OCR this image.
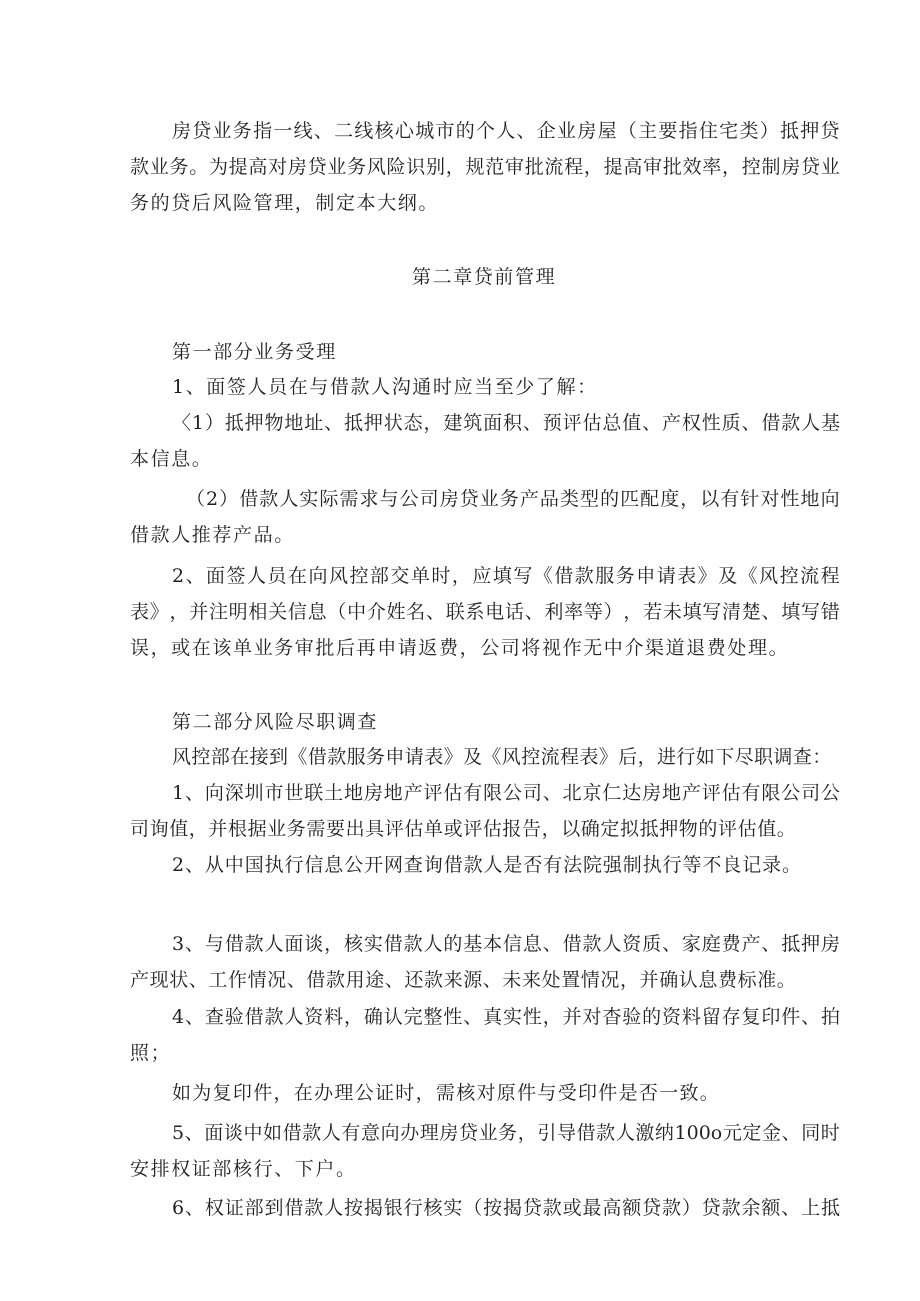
房 贷 业 务 指 一 线 、 二 线 核 心 城 市 的 个 人 、 企 业 房 屋 （ 主 要 指 住 宅 类 ） 抵 押 贷

款 业 务 。 为 提 高 对 房 贷 业 务 风 险 识 别 ， 规 范 审 批 流 程 ， 提 高 审 批 效 率 ， 控 制 房 贷 业

务的贷后风险管理，制定本大纲。

第二章贷前管理

第一部分业务受理

1、面签人员在与借款人沟通时应当至少了解：

〈 1 ） 抵 押 物 地 址 、 抵 押 状 态 ， 建 筑 面 积 、 预 评 估 总 值 、 产 权 性 质 、 借 款 人 基

本信息。

（ 2 ） 借 款 人 实 际 需 求 与 公 司 房 贷 业 务 产 品 类 型 的 匹 配 度 ， 以 有 针 对 性 地 向

借款人推荐产品。

2 、 面 签 人 员 在 向 风 控 部 交 单 时 ， 应 填 写 《 借 款 服 务 申 请 表 》 及 《 风 控 流 程

表 》 ， 并 注 明 相 关 信 息 （ 中 介 姓 名 、 联 系 电 话 、 利 率 等 ） ， 若 未 填 写 清 楚 、 填 写 错

误，或在该单业务审批后再申请返费，公司将视作无中介渠道退费处理。

第二部分风险尽职调查

风控部在接到《借款服务申请表》及《风控流程表》后，进行如下尽职调查：

1 、 向 深 圳 市 世 联 土 地 房 地 产 评 估 有 限 公 司 、 北 京 仁 达 房 地 产 评 估 有 限 公 司 公

司询值，并根据业务需要出具评估单或评估报告，以确定拟抵押物的评估值。

2、从中国执行信息公开网查询借款人是否有法院强制执行等不良记录。

3 、 与 借 款 人 面 谈 ， 核 实 借 款 人 的 基 本 信 息 、 借 款 人 资 质 、 家 庭 费 产 、 抵 押 房

产现状、工作情况、借款用途、还款来源、未来处置情况，并确认息费标准。

4 、 查 验 借 款 人 资 料 ， 确 认 完 整 性 、 真 实 性 ， 并 对 杳 验 的 资 料 留 存 复 印 件 、 拍

照；

如为复印件，在办理公证时，需核对原件与受印件是否一致。

5 、 面 谈 中 如 借 款 人 有 意 向 办 理 房 贷 业 务 ， 引 导 借 款 人 激 纳 100o 元 定 金 、 同 时

安排权证部核行、下户。

6 、 权 证 部 到 借 款 人 按 揭 银 行 核 实 （ 按 揭 贷 款 或 最 高 额 贷 款 ） 贷 款 余 额 、 上 抵
